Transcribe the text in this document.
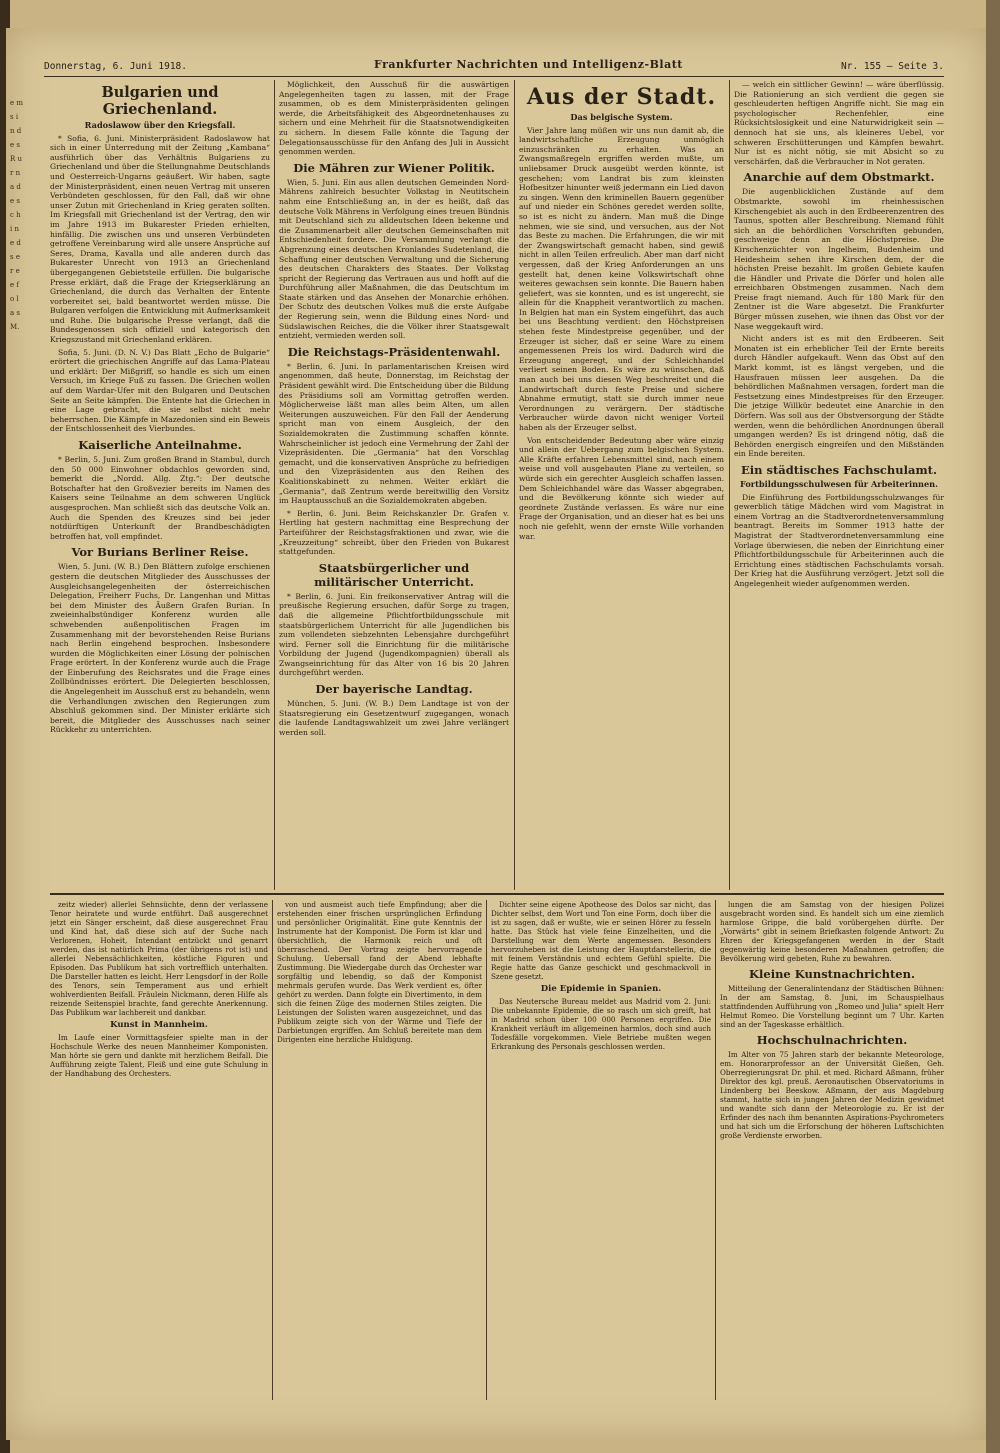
e m s i n d e s R u r n a d e s c h i n e d s e r e e f o l a s M.
Donnerstag, 6. Juni 1918.	Frankfurter Nachrichten und Intelligenz-Blatt	Nr. 155 — Seite 3.
Bulgarien und Griechenland.
Radoslawow über den Kriegsfall.

* Sofia, 6. Juni. Ministerpräsident Radoslawow hat sich in einer Unterredung mit der Zeitung „Kambana“ ausführlich über das Verhältnis Bulgariens zu Griechenland und über die Stellungnahme Deutschlands und Oesterreich-Ungarns geäußert. Wir haben, sagte der Ministerpräsident, einen neuen Vertrag mit unseren Verbündeten geschlossen, für den Fall, daß wir ohne unser Zutun mit Griechenland in Krieg geraten sollten. Im Kriegsfall mit Griechenland ist der Vertrag, den wir im Jahre 1913 im Bukarester Frieden erhielten, hinfällig. Die zwischen uns und unseren Verbündeten getroffene Vereinbarung wird alle unsere Ansprüche auf Seres, Drama, Kavalla und alle anderen durch das Bukarester Unrecht von 1913 an Griechenland übergegangenen Gebietsteile erfüllen. Die bulgarische Presse erklärt, daß die Frage der Kriegserklärung an Griechenland, die durch das Verhalten der Entente vorbereitet sei, bald beantwortet werden müsse. Die Bulgaren verfolgen die Entwicklung mit Aufmerksamkeit und Ruhe. Die bulgarische Presse verlangt, daß die Bundesgenossen sich offiziell und kategorisch den Kriegszustand mit Griechenland erklären.

Sofia, 5. Juni. (D. N. V.) Das Blatt „Echo de Bulgarie“ erörtert die griechischen Angriffe auf das Lama-Plateau und erklärt: Der Mißgriff, so handle es sich um einen Versuch, im Kriege Fuß zu fassen. Die Griechen wollen auf dem Wardar-Ufer mit den Bulgaren und Deutschen Seite an Seite kämpfen. Die Entente hat die Griechen in eine Lage gebracht, die sie selbst nicht mehr beherrschen. Die Kämpfe in Mazedonien sind ein Beweis der Entschlossenheit des Vierbundes.

Kaiserliche Anteilnahme.

* Berlin, 5. Juni. Zum großen Brand in Stambul, durch den 50 000 Einwohner obdachlos geworden sind, bemerkt die „Nordd. Allg. Ztg.“: Der deutsche Botschafter hat den Großvezier bereits im Namen des Kaisers seine Teilnahme an dem schweren Unglück ausgesprochen. Man schließt sich das deutsche Volk an. Auch die Spenden des Kreuzes sind bei jeder notdürftigen Unterkunft der Brandbeschädigten betroffen hat, voll empfindet.

Vor Burians Berliner Reise.

Wien, 5. Juni. (W. B.) Den Blättern zufolge erschienen gestern die deutschen Mitglieder des Ausschusses der Ausgleichsangelegenheiten der österreichischen Delegation, Freiherr Fuchs, Dr. Langenhan und Mittas bei dem Minister des Äußern Grafen Burian. In zweieinhalbstündiger Konferenz wurden alle schwebenden außenpolitischen Fragen im Zusammenhang mit der bevorstehenden Reise Burians nach Berlin eingehend besprochen. Insbesondere wurden die Möglichkeiten einer Lösung der polnischen Frage erörtert. In der Konferenz wurde auch die Frage der Einberufung des Reichsrates und die Frage eines Zollbündnisses erörtert. Die Delegierten beschlossen, die Angelegenheit im Ausschuß erst zu behandeln, wenn die Verhandlungen zwischen den Regierungen zum Abschluß gekommen sind. Der Minister erklärte sich bereit, die Mitglieder des Ausschusses nach seiner Rückkehr zu unterrichten.

Möglichkeit, den Ausschuß für die auswärtigen Angelegenheiten tagen zu lassen, mit der Frage zusammen, ob es dem Ministerpräsidenten gelingen werde, die Arbeitsfähigkeit des Abgeordnetenhauses zu sichern und eine Mehrheit für die Staatsnotwendigkeiten zu sichern. In diesem Falle könnte die Tagung der Delegationsausschüsse für den Anfang des Juli in Aussicht genommen werden.

Die Mähren zur Wiener Politik.

Wien, 5. Juni. Ein aus allen deutschen Gemeinden Nord-Mährens zahlreich besuchter Volkstag in Neutitschein nahm eine Entschließung an, in der es heißt, daß das deutsche Volk Mährens in Verfolgung eines treuen Bündnis mit Deutschland sich zu alldeutschen Ideen bekenne und die Zusammenarbeit aller deutschen Gemeinschaften mit Entschiedenheit fordere. Die Versammlung verlangt die Abgrenzung eines deutschen Kronlandes Sudetenland, die Schaffung einer deutschen Verwaltung und die Sicherung des deutschen Charakters des Staates. Der Volkstag spricht der Regierung das Vertrauen aus und hofft auf die Durchführung aller Maßnahmen, die das Deutschtum im Staate stärken und das Ansehen der Monarchie erhöhen. Der Schutz des deutschen Volkes muß die erste Aufgabe der Regierung sein, wenn die Bildung eines Nord- und Südslawischen Reiches, die die Völker ihrer Staatsgewalt entzieht, vermieden werden soll.

Die Reichstags-Präsidentenwahl.

* Berlin, 6. Juni. In parlamentarischen Kreisen wird angenommen, daß heute, Donnerstag, im Reichstag der Präsident gewählt wird. Die Entscheidung über die Bildung des Präsidiums soll am Vormittag getroffen werden. Möglicherweise läßt man alles beim Alten, um allen Weiterungen auszuweichen. Für den Fall der Aenderung spricht man von einem Ausgleich, der den Sozialdemokraten die Zustimmung schaffen könnte. Wahrscheinlicher ist jedoch eine Vermehrung der Zahl der Vizepräsidenten. Die „Germania“ hat den Vorschlag gemacht, und die konservativen Ansprüche zu befriedigen und den Vizepräsidenten aus den Reihen des Koalitionskabinett zu nehmen. Weiter erklärt die „Germania“, daß Zentrum werde bereitwillig den Vorsitz im Hauptausschuß an die Sozialdemokraten abgeben.

* Berlin, 6. Juni. Beim Reichskanzler Dr. Grafen v. Hertling hat gestern nachmittag eine Besprechung der Parteiführer der Reichstagsfraktionen und zwar, wie die „Kreuzzeitung“ schreibt, über den Frieden von Bukarest stattgefunden.

Staatsbürgerlicher und militärischer Unterricht.

* Berlin, 6. Juni. Ein freikonservativer Antrag will die preußische Regierung ersuchen, dafür Sorge zu tragen, daß die allgemeine Pflichtfortbildungsschule mit staatsbürgerlichem Unterricht für alle Jugendlichen bis zum vollendeten siebzehnten Lebensjahre durchgeführt wird. Ferner soll die Einrichtung für die militärische Vorbildung der Jugend (Jugendkompagnien) überall als Zwangseinrichtung für das Alter von 16 bis 20 Jahren durchgeführt werden.

Der bayerische Landtag.

München, 5. Juni. (W. B.) Dem Landtage ist von der Staatsregierung ein Gesetzentwurf zugegangen, wonach die laufende Landtagswahlzeit um zwei Jahre verlängert werden soll.

Aus der Stadt.
Das belgische System.

Vier Jahre lang müßen wir uns nun damit ab, die landwirtschaftliche Erzeugung unmöglich einzuschränken zu erhalten. Was an Zwangsmaßregeln ergriffen werden mußte, um unliebsamer Druck ausgeübt werden könnte, ist geschehen; vom Landrat bis zum kleinsten Hofbesitzer hinunter weiß jedermann ein Lied davon zu singen. Wenn den kriminellen Bauern gegenüber auf und nieder ein Schönes geredet werden sollte, so ist es nicht zu ändern. Man muß die Dinge nehmen, wie sie sind, und versuchen, aus der Not das Beste zu machen. Die Erfahrungen, die wir mit der Zwangswirtschaft gemacht haben, sind gewiß nicht in allen Teilen erfreulich. Aber man darf nicht vergessen, daß der Krieg Anforderungen an uns gestellt hat, denen keine Volkswirtschaft ohne weiteres gewachsen sein konnte. Die Bauern haben geliefert, was sie konnten, und es ist ungerecht, sie allein für die Knappheit verantwortlich zu machen. In Belgien hat man ein System eingeführt, das auch bei uns Beachtung verdient: den Höchstpreisen stehen feste Mindestpreise gegenüber, und der Erzeuger ist sicher, daß er seine Ware zu einem angemessenen Preis los wird. Dadurch wird die Erzeugung angeregt, und der Schleichhandel verliert seinen Boden. Es wäre zu wünschen, daß man auch bei uns diesen Weg beschreitet und die Landwirtschaft durch feste Preise und sichere Abnahme ermutigt, statt sie durch immer neue Verordnungen zu verärgern. Der städtische Verbraucher würde davon nicht weniger Vorteil haben als der Erzeuger selbst.

Von entscheidender Bedeutung aber wäre einzig und allein der Uebergang zum belgischen System. Alle Kräfte erfahren Lebensmittel sind, nach einem weise und voll ausgebauten Plane zu verteilen, so würde sich ein gerechter Ausgleich schaffen lassen. Dem Schleichhandel wäre das Wasser abgegraben, und die Bevölkerung könnte sich wieder auf geordnete Zustände verlassen. Es wäre nur eine Frage der Organisation, und an dieser hat es bei uns noch nie gefehlt, wenn der ernste Wille vorhanden war.

— welch ein sittlicher Gewinn! — wäre überflüssig. Die Rationierung an sich verdient die gegen sie geschleuderten heftigen Angriffe nicht. Sie mag ein psychologischer Rechenfehler, eine Rücksichtslosigkeit und eine Naturwidrigkeit sein — dennoch hat sie uns, als kleineres Uebel, vor schweren Erschütterungen und Kämpfen bewahrt. Nur ist es nicht nötig, sie mit Absicht so zu verschärfen, daß die Verbraucher in Not geraten.

Anarchie auf dem Obstmarkt.

Die augenblicklichen Zustände auf dem Obstmarkte, sowohl im rheinhessischen Kirschengebiet als auch in den Erdbeerenzentren des Taunus, spotten aller Beschreibung. Niemand fühlt sich an die behördlichen Vorschriften gebunden, geschweige denn an die Höchstpreise. Die Kirschenzüchter von Ingelheim, Budenheim und Heidesheim sehen ihre Kirschen dem, der die höchsten Preise bezahlt. Im großen Gebiete kaufen die Händler und Private die Dörfer und holen alle erreichbaren Obstmengen zusammen. Nach dem Preise fragt niemand. Auch für 180 Mark für den Zentner ist die Ware abgesetzt. Die Frankfurter Bürger müssen zusehen, wie ihnen das Obst vor der Nase weggekauft wird.

Nicht anders ist es mit den Erdbeeren. Seit Monaten ist ein erheblicher Teil der Ernte bereits durch Händler aufgekauft. Wenn das Obst auf den Markt kommt, ist es längst vergeben, und die Hausfrauen müssen leer ausgehen. Da die behördlichen Maßnahmen versagen, fordert man die Festsetzung eines Mindestpreises für den Erzeuger. Die jetzige Willkür bedeutet eine Anarchie in den Dörfern. Was soll aus der Obstversorgung der Städte werden, wenn die behördlichen Anordnungen überall umgangen werden? Es ist dringend nötig, daß die Behörden energisch eingreifen und den Mißständen ein Ende bereiten.

Ein städtisches Fachschulamt.
Fortbildungsschulwesen für Arbeiterinnen.

Die Einführung des Fortbildungsschulzwanges für gewerblich tätige Mädchen wird vom Magistrat in einem Vortrag an die Stadtverordnetenversammlung beantragt. Bereits im Sommer 1913 hatte der Magistrat der Stadtverordnetenversammlung eine Vorlage überwiesen, die neben der Einrichtung einer Pflichtfortbildungsschule für Arbeiterinnen auch die Errichtung eines städtischen Fachschulamts vorsah. Der Krieg hat die Ausführung verzögert. Jetzt soll die Angelegenheit wieder aufgenommen werden.

zeitz wieder) allerlei Sehnsüchte, denn der verlassene Tenor heiratete und wurde entführt. Daß ausgerechnet jetzt ein Sänger erscheint, daß diese ausgerechnet Frau und Kind hat, daß diese sich auf der Suche nach Verlorenen, Hoheit, Intendant entzückt und genarrt werden, das ist natürlich Prima (der übrigens rot ist) und allerlei Nebensächlichkeiten, köstliche Figuren und Episoden. Das Publikum hat sich vortrefflich unterhalten. Die Darsteller hatten es leicht. Herr Lengsdorf in der Rolle des Tenors, sein Temperament aus und erhielt wohlverdienten Beifall. Fräulein Nickmann, deren Hilfe als reizende Seitenspiel brachte, fand gerechte Anerkennung. Das Publikum war lachbereit und dankbar.

Kunst in Mannheim.

Im Laufe einer Vormittagsfeier spielte man in der Hochschule Werke des neuen Mannheimer Komponisten. Man hörte sie gern und dankte mit herzlichem Beifall. Die Aufführung zeigte Talent, Fleiß und eine gute Schulung in der Handhabung des Orchesters.

von und ausmeist auch tiefe Empfindung; aber die erstehenden einer frischen ursprünglichen Erfindung und persönlicher Originalität. Eine gute Kenntnis der Instrumente hat der Komponist. Die Form ist klar und übersichtlich, die Harmonik reich und oft überraschend. Der Vortrag zeigte hervorragende Schulung. Uebersall fand der Abend lebhafte Zustimmung. Die Wiedergabe durch das Orchester war sorgfältig und lebendig, so daß der Komponist mehrmals gerufen wurde. Das Werk verdient es, öfter gehört zu werden. Dann folgte ein Divertimento, in dem sich die feinen Züge des modernen Stiles zeigten. Die Leistungen der Solisten waren ausgezeichnet, und das Publikum zeigte sich von der Wärme und Tiefe der Darbietungen ergriffen. Am Schluß bereitete man dem Dirigenten eine herzliche Huldigung.

Dichter seine eigene Apotheose des Dolos sar nicht, das Dichter selbst, dem Wort und Ton eine Form, doch über die ist zu sagen, daß er wußte, wie er seinen Hörer zu fesseln hatte. Das Stück hat viele feine Einzelheiten, und die Darstellung war dem Werte angemessen. Besonders hervorzuheben ist die Leistung der Hauptdarstellerin, die mit feinem Verständnis und echtem Gefühl spielte. Die Regie hatte das Ganze geschickt und geschmackvoll in Szene gesetzt.

Die Epidemie in Spanien.

Das Neutersche Bureau meldet aus Madrid vom 2. Juni: Die unbekannte Epidemie, die so rasch um sich greift, hat in Madrid schon über 100 000 Personen ergriffen. Die Krankheit verläuft im allgemeinen harmlos, doch sind auch Todesfälle vorgekommen. Viele Betriebe mußten wegen Erkrankung des Personals geschlossen werden.

lungen die am Samstag von der hiesigen Polizei ausgebracht worden sind. Es handelt sich um eine ziemlich harmlose Grippe, die bald vorübergehen dürfte. Der „Vorwärts“ gibt in seinem Briefkasten folgende Antwort: Zu Ehren der Kriegsgefangenen werden in der Stadt gegenwärtig keine besonderen Maßnahmen getroffen; die Bevölkerung wird gebeten, Ruhe zu bewahren.

Kleine Kunstnachrichten.

Mitteilung der Generalintendanz der Städtischen Bühnen: In der am Samstag, 8. Juni, im Schauspielhaus stattfindenden Aufführung von „Romeo und Julia“ spielt Herr Helmut Romeo. Die Vorstellung beginnt um 7 Uhr. Karten sind an der Tageskasse erhältlich.

Hochschulnachrichten.

Im Alter von 75 Jahren starb der bekannte Meteorologe, em. Honorarprofessor an der Universität Gießen, Geh. Oberregierungsrat Dr. phil. et med. Richard Aßmann, früher Direktor des kgl. preuß. Aeronautischen Observatoriums in Lindenberg bei Beeskow. Aßmann, der aus Magdeburg stammt, hatte sich in jungen Jahren der Medizin gewidmet und wandte sich dann der Meteorologie zu. Er ist der Erfinder des nach ihm benannten Aspirations-Psychrometers und hat sich um die Erforschung der höheren Luftschichten große Verdienste erworben.
